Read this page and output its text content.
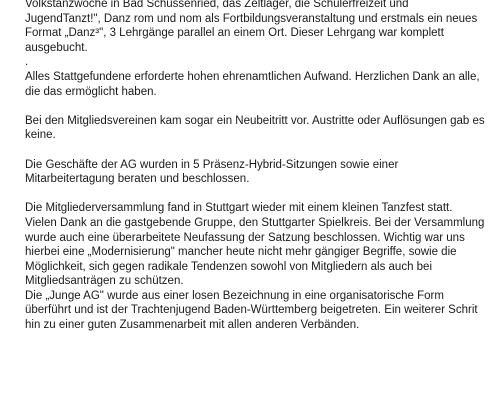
Volkstanzwoche in Bad Schussenried, das Zeltlager, die Schülerfreizeit und JugendTanzt!", Danz rom und nom als Fortbildungsveranstaltung und erstmals ein neues Format „Danz³", 3 Lehrgänge parallel an einem Ort. Dieser Lehrgang war komplett ausgebucht.

.

Alles Stattgefundene erforderte hohen ehrenamtlichen Aufwand. Herzlichen Dank an alle, die das ermöglicht haben.

Bei den Mitgliedsvereinen kam sogar ein Neubeitritt vor. Austritte oder Auflösungen gab es keine.

Die Geschäfte der AG wurden in 5 Präsenz-Hybrid-Sitzungen sowie einer Mitarbeitertagung beraten und beschlossen.

Die Mitgliederversammlung fand in Stuttgart wieder mit einem kleinen Tanzfest statt. Vielen Dank an die gastgebende Gruppe, den Stuttgarter Spielkreis. Bei der Versammlung wurde auch eine überarbeitete Neufassung der Satzung beschlossen. Wichtig war uns hierbei eine „Modernisierung" mancher heute nicht mehr gängiger Begriffe, sowie die Möglichkeit, sich gegen radikale Tendenzen sowohl von Mitgliedern als auch bei Mitgliedsanträgen zu schützen.

Die „Junge AG" wurde aus einer losen Bezeichnung in eine organisatorische Form überführt und ist der Trachtenjugend Baden-Württemberg beigetreten. Ein weiterer Schrit hin zu einer guten Zusammenarbeit mit allen anderen Verbänden.
